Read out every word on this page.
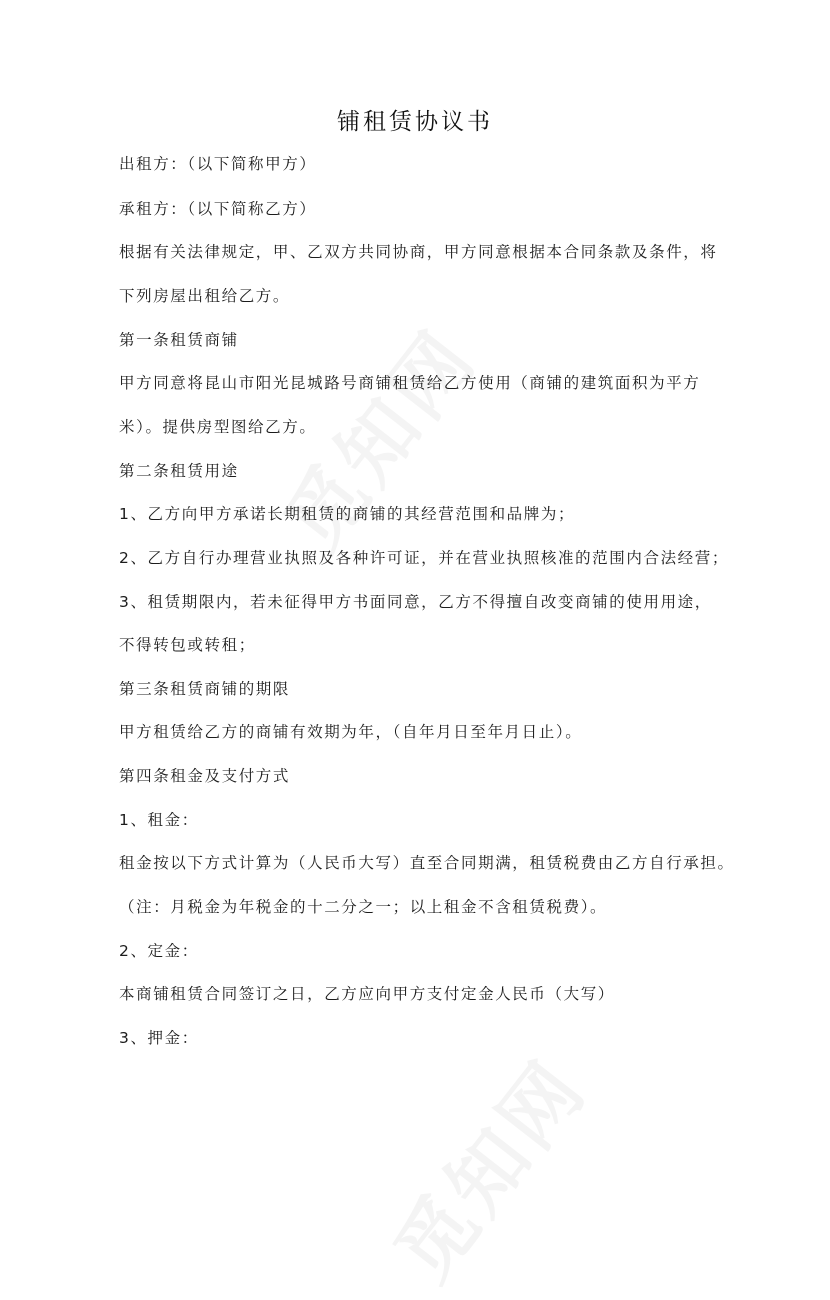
铺租赁协议书
出租方：（以下简称甲方）
承租方：（以下简称乙方）
根据有关法律规定，甲、乙双方共同协商，甲方同意根据本合同条款及条件，将
下列房屋出租给乙方。
第一条租赁商铺
甲方同意将昆山市阳光昆城路号商铺租赁给乙方使用（商铺的建筑面积为平方
米）。提供房型图给乙方。
第二条租赁用途
1、乙方向甲方承诺长期租赁的商铺的其经营范围和品牌为；
2、乙方自行办理营业执照及各种许可证，并在营业执照核准的范围内合法经营；
3、租赁期限内，若未征得甲方书面同意，乙方不得擅自改变商铺的使用用途，
不得转包或转租；
第三条租赁商铺的期限
甲方租赁给乙方的商铺有效期为年，（自年月日至年月日止）。
第四条租金及支付方式
1、租金：
租金按以下方式计算为（人民币大写）直至合同期满，租赁税费由乙方自行承担。
（注：月税金为年税金的十二分之一；以上租金不含租赁税费）。
2、定金：
本商铺租赁合同签订之日，乙方应向甲方支付定金人民币（大写）
3、押金：
